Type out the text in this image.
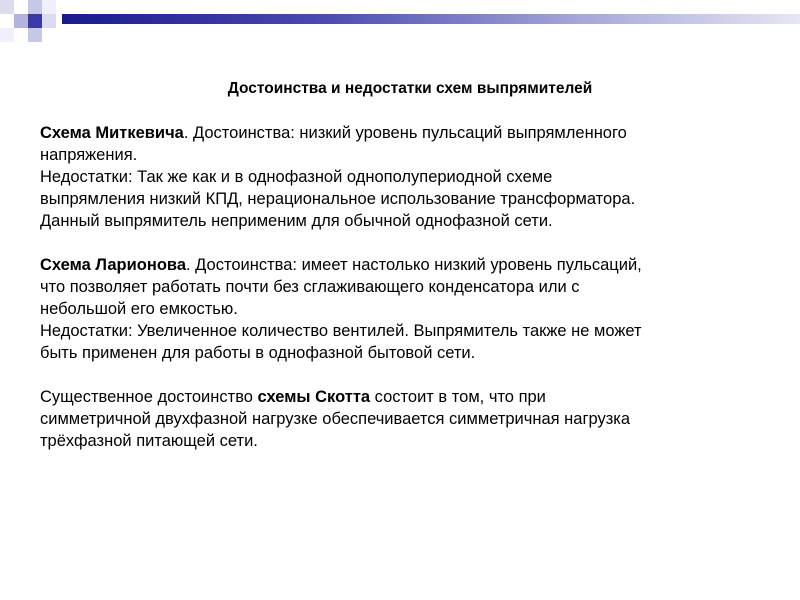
Достоинства и недостатки схем выпрямителей
Схема Миткевича. Достоинства: низкий уровень пульсаций выпрямленного
напряжения.
Недостатки: Так же как и в однофазной однополупериодной схеме
выпрямления низкий КПД, нерациональное использование трансформатора.
Данный выпрямитель неприменим для обычной однофазной сети.
Схема Ларионова. Достоинства: имеет настолько низкий уровень пульсаций,
что позволяет работать почти без сглаживающего конденсатора или с
небольшой его емкостью.
Недостатки: Увеличенное количество вентилей. Выпрямитель также не может
быть применен для работы в однофазной бытовой сети.
Существенное достоинство схемы Скотта состоит в том, что при
симметричной двухфазной нагрузке обеспечивается симметричная нагрузка
трёхфазной питающей сети.
